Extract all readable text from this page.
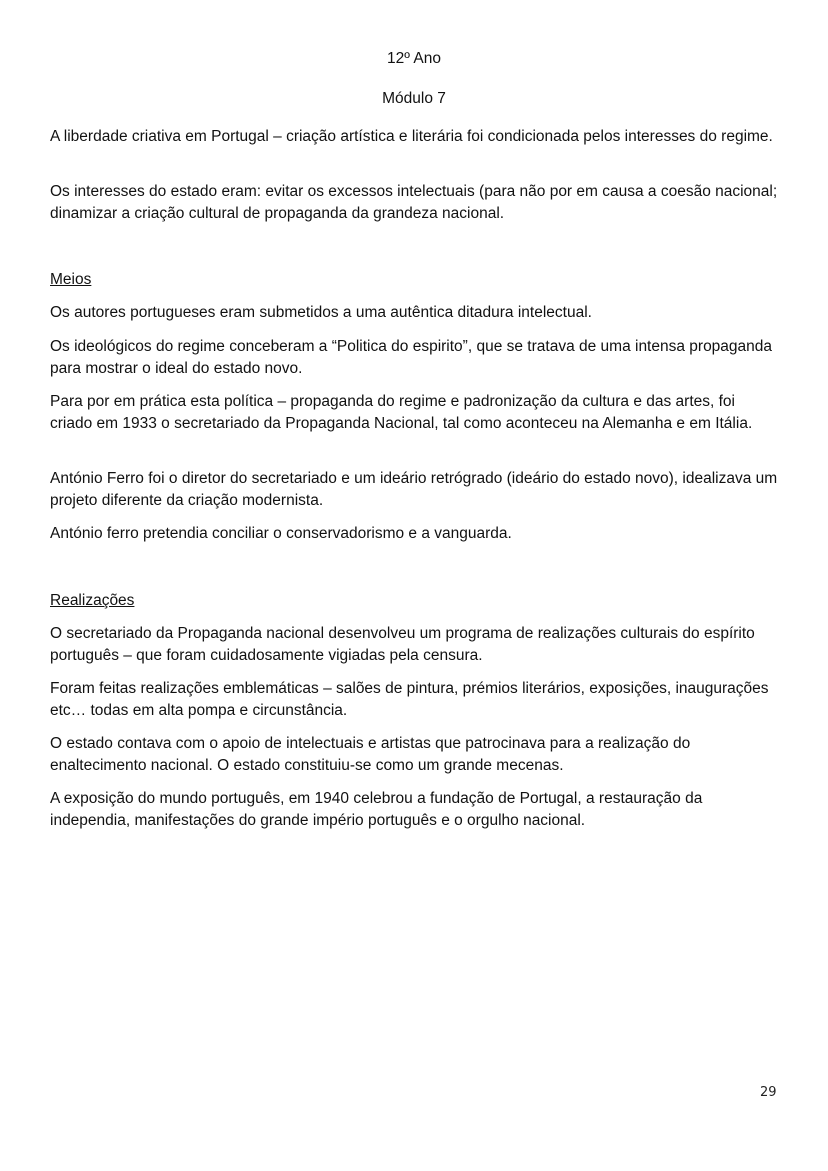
12º Ano
Módulo 7

A liberdade criativa em Portugal – criação artística e literária foi condicionada pelos interesses do regime.

Os interesses do estado eram: evitar os excessos intelectuais (para não por em causa a coesão nacional; dinamizar a criação cultural de propaganda da grandeza nacional.

Meios

Os autores portugueses eram submetidos a uma autêntica ditadura intelectual.

Os ideológicos do regime conceberam a “Politica do espirito”, que se tratava de uma intensa propaganda para mostrar o ideal do estado novo.

Para por em prática esta política – propaganda do regime e padronização da cultura e das artes, foi criado em 1933 o secretariado da Propaganda Nacional, tal como aconteceu na Alemanha e em Itália.

António Ferro foi o diretor do secretariado e um ideário retrógrado (ideário do estado novo), idealizava um projeto diferente da criação modernista.

António ferro pretendia conciliar o conservadorismo e a vanguarda.

Realizações

O secretariado da Propaganda nacional desenvolveu um programa de realizações culturais do espírito português – que foram cuidadosamente vigiadas pela censura.

Foram feitas realizações emblemáticas – salões de pintura, prémios literários, exposições, inaugurações etc… todas em alta pompa e circunstância.

O estado contava com o apoio de intelectuais e artistas que patrocinava para a realização do enaltecimento nacional. O estado constituiu-se como um grande mecenas.

A exposição do mundo português, em 1940 celebrou a fundação de Portugal, a restauração da independia, manifestações do grande império português e o orgulho nacional.

29
